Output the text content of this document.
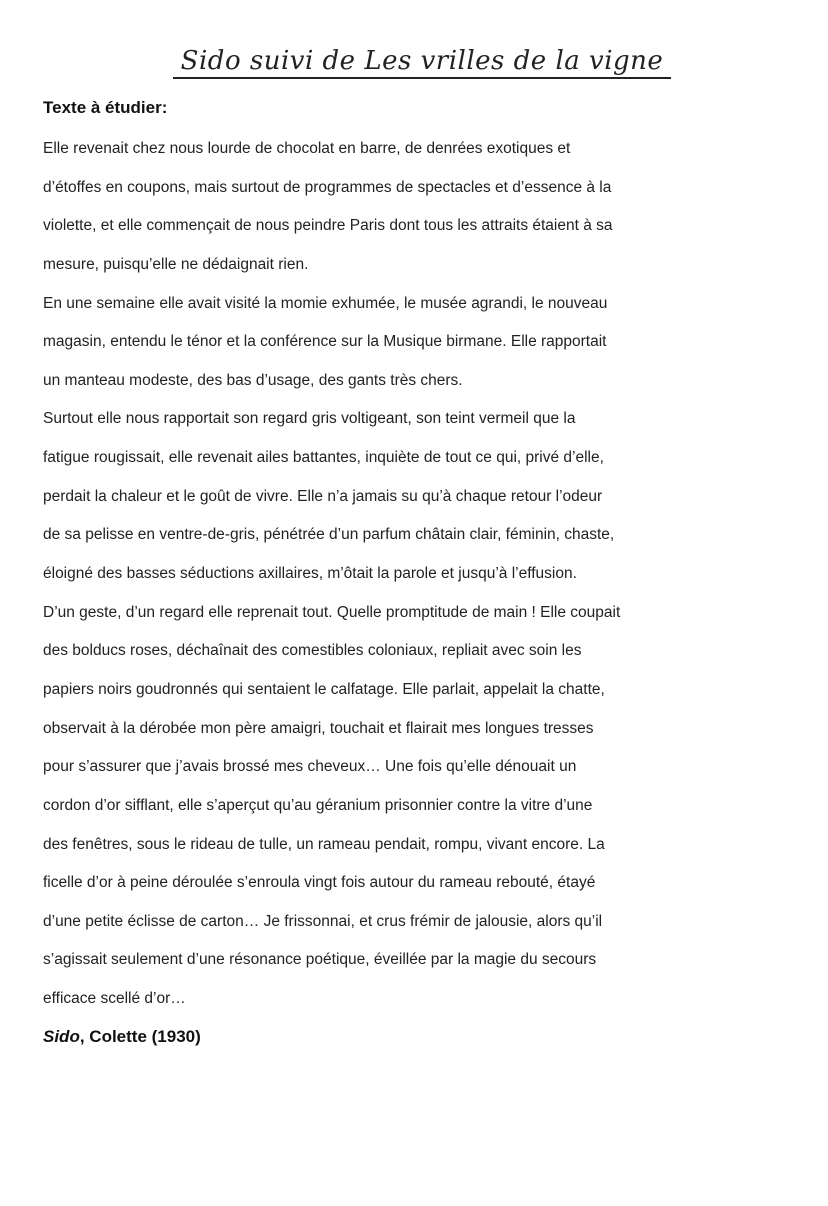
Sido suivi de Les vrilles de la vigne
Texte à étudier:
Elle revenait chez nous lourde de chocolat en barre, de denrées exotiques et
d’étoffes en coupons, mais surtout de programmes de spectacles et d’essence à la
violette, et elle commençait de nous peindre Paris dont tous les attraits étaient à sa
mesure, puisqu’elle ne dédaignait rien.
En une semaine elle avait visité la momie exhumée, le musée agrandi, le nouveau
magasin, entendu le ténor et la conférence sur la Musique birmane. Elle rapportait
un manteau modeste, des bas d’usage, des gants très chers.
Surtout elle nous rapportait son regard gris voltigeant, son teint vermeil que la
fatigue rougissait, elle revenait ailes battantes, inquiète de tout ce qui, privé d’elle,
perdait la chaleur et le goût de vivre. Elle n’a jamais su qu’à chaque retour l’odeur
de sa pelisse en ventre-de-gris, pénétrée d’un parfum châtain clair, féminin, chaste,
éloigné des basses séductions axillaires, m’ôtait la parole et jusqu’à l’effusion.
D’un geste, d’un regard elle reprenait tout. Quelle promptitude de main ! Elle coupait
des bolducs roses, déchaînait des comestibles coloniaux, repliait avec soin les
papiers noirs goudronnés qui sentaient le calfatage. Elle parlait, appelait la chatte,
observait à la dérobée mon père amaigri, touchait et flairait mes longues tresses
pour s’assurer que j’avais brossé mes cheveux… Une fois qu’elle dénouait un
cordon d’or sifflant, elle s’aperçut qu’au géranium prisonnier contre la vitre d’une
des fenêtres, sous le rideau de tulle, un rameau pendait, rompu, vivant encore. La
ficelle d’or à peine déroulée s’enroula vingt fois autour du rameau rebouté, étayé
d’une petite éclisse de carton… Je frissonnai, et crus frémir de jalousie, alors qu’il
s’agissait seulement d’une résonance poétique, éveillée par la magie du secours
efficace scellé d’or…
Sido, Colette (1930)
